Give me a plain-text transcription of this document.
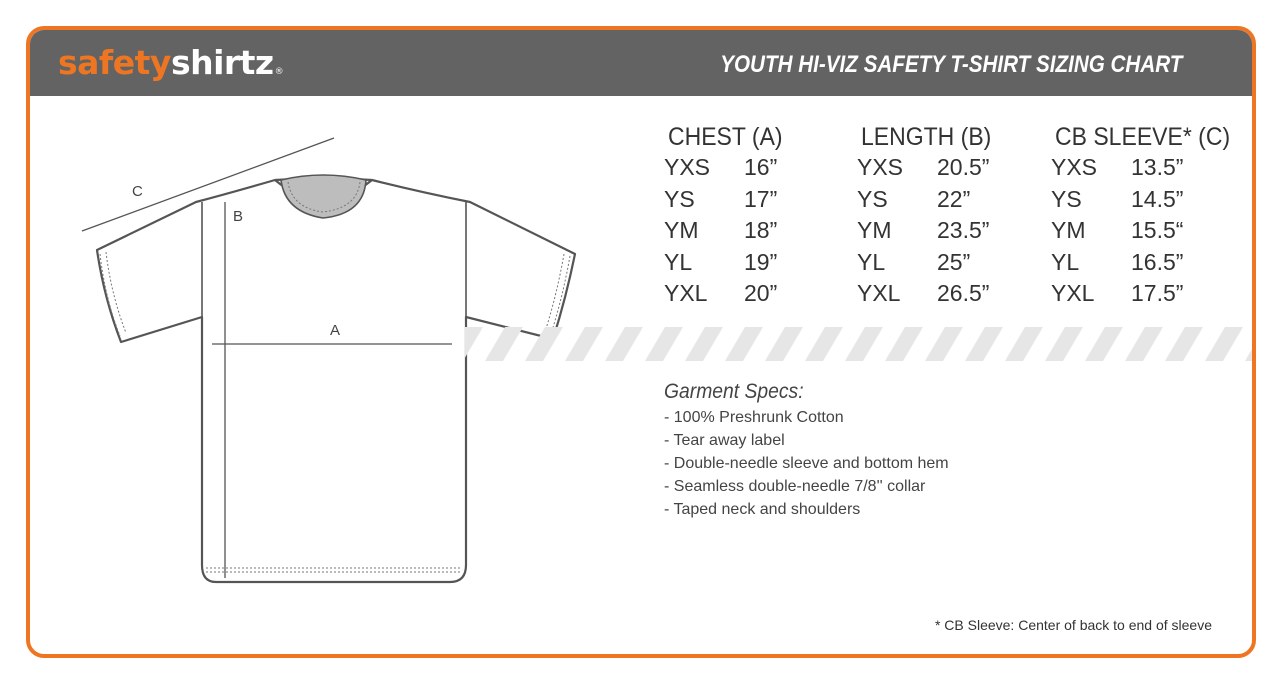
safetyshirtz®	YOUTH HI-VIZ SAFETY T-SHIRT SIZING CHART
C
B
A
CHEST (A)
YXS	16”
YS	17”
YM	18”
YL	19”
YXL	20”
LENGTH (B)
YXS	20.5”
YS	22”
YM	23.5”
YL	25”
YXL	26.5”
CB SLEEVE* (C)
YXS	13.5”
YS	14.5”
YM	15.5“
YL	16.5”
YXL	17.5”
Garment Specs:
- 100% Preshrunk Cotton
- Tear away label
- Double-needle sleeve and bottom hem
- Seamless double-needle 7/8'' collar
- Taped neck and shoulders
* CB Sleeve: Center of back to end of sleeve
